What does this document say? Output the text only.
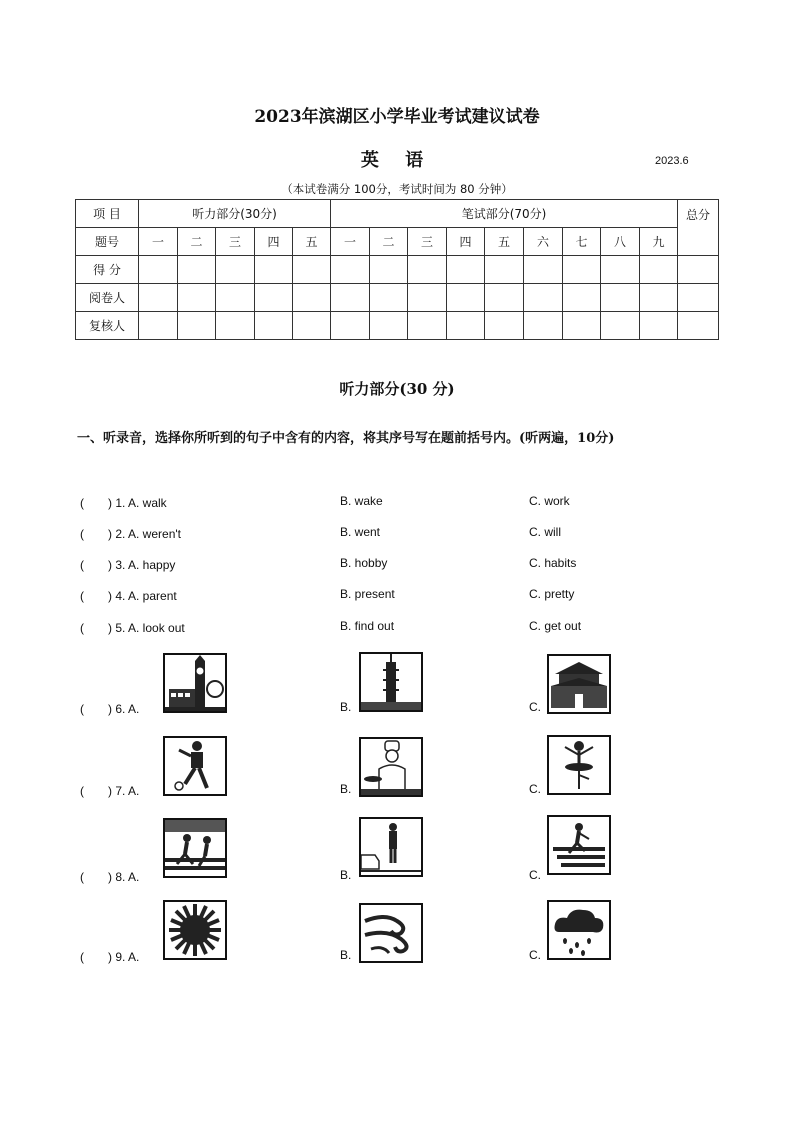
2023年滨湖区小学毕业考试建议试卷
英 语	2023.6
（本试卷满分 100分，考试时间为 80 分钟）
项 目	听力部分(30分)					笔试部分(70分)									总分
题号	一	二	三	四	五	一	二	三	四	五	六	七	八	九	
得 分															
阅卷人															
复核人															
听力部分(30 分)
一、听录音，选择你所听到的句子中含有的内容，将其序号写在题前括号内。(听两遍，10分)
(　　) 1. A. walk	B. wake	C. work
(　　) 2. A. weren't	B. went	C. will
(　　) 3. A. happy	B. hobby	C. habits
(　　) 4. A. parent	B. present	C. pretty
(　　) 5. A. look out	B. find out	C. get out
(　　) 6. A.	B.	C.
(　　) 7. A.	B.	C.
(　　) 8. A.	B.	C.
(　　) 9. A.	B.	C.
